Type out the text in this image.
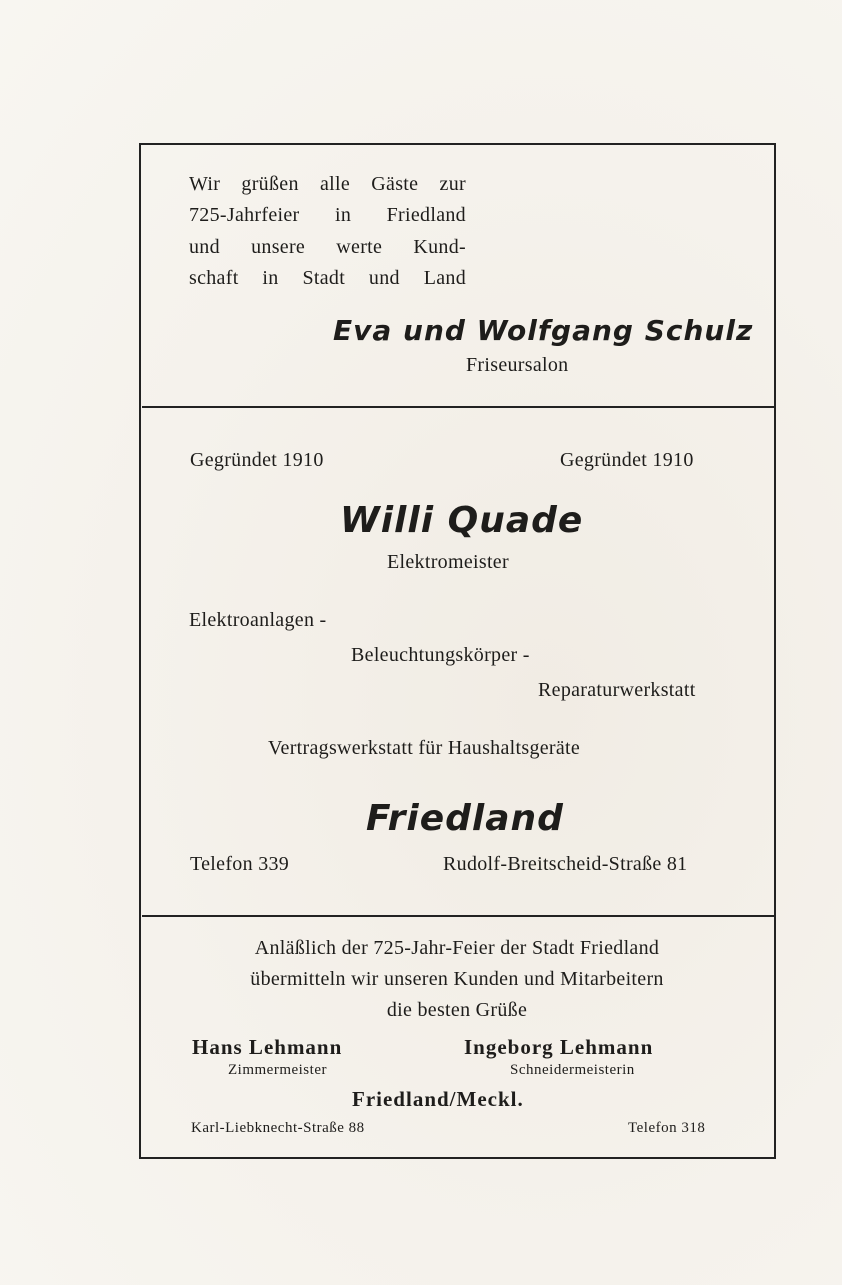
Wir grüßen alle Gäste zur
725-Jahrfeier in Friedland
und unsere werte Kund-
schaft in Stadt und Land
Eva und Wolfgang Schulz
Friseursalon
Gegründet 1910	Gegründet 1910
Willi Quade
Elektromeister
Elektroanlagen -
Beleuchtungskörper -
Reparaturwerkstatt
Vertragswerkstatt für Haushaltsgeräte
Friedland
Telefon 339	Rudolf-Breitscheid-Straße 81
Anläßlich der 725-Jahr-Feier der Stadt Friedland
übermitteln wir unseren Kunden und Mitarbeitern
die besten Grüße
Hans Lehmann	Ingeborg Lehmann
Zimmermeister	Schneidermeisterin
Friedland/Meckl.
Karl-Liebknecht-Straße 88	Telefon 318
